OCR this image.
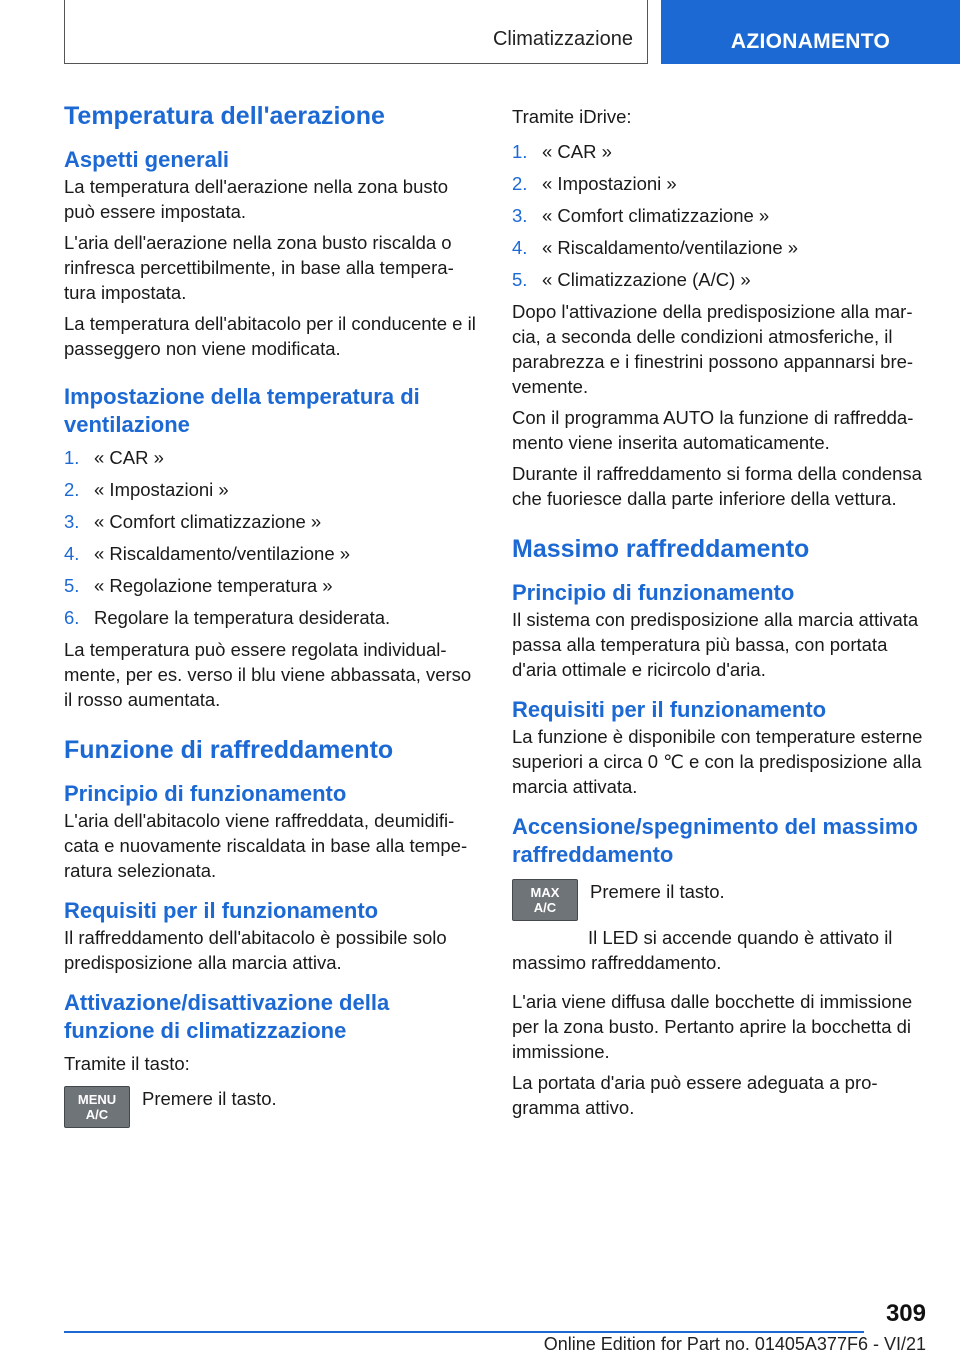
Climatizzazione	AZIONAMENTO
Temperatura dell'aerazione
Aspetti generali

La temperatura dell'aerazione nella zona busto può essere impostata.

L'aria dell'aerazione nella zona busto riscalda o rinfresca percettibilmente, in base alla temperatura impostata.

La temperatura dell'abitacolo per il conducente e il passeggero non viene modificata.

Impostazione della temperatura di ventilazione
1. « CAR »
2. « Impostazioni »
3. « Comfort climatizzazione »
4. « Riscaldamento/ventilazione »
5. « Regolazione temperatura »
6. Regolare la temperatura desiderata.

La temperatura può essere regolata individualmente, per es. verso il blu viene abbassata, verso il rosso aumentata.

Funzione di raffreddamento
Principio di funzionamento

L'aria dell'abitacolo viene raffreddata, deumidificata e nuovamente riscaldata in base alla temperatura selezionata.

Requisiti per il funzionamento

Il raffreddamento dell'abitacolo è possibile solo predisposizione alla marcia attiva.

Attivazione/disattivazione della funzione di climatizzazione

Tramite il tasto:

MENU
A/C

Premere il tasto.

Tramite iDrive:

1. « CAR »
2. « Impostazioni »
3. « Comfort climatizzazione »
4. « Riscaldamento/ventilazione »
5. « Climatizzazione (A/C) »

Dopo l'attivazione della predisposizione alla marcia, a seconda delle condizioni atmosferiche, il parabrezza e i finestrini possono appannarsi brevemente.

Con il programma AUTO la funzione di raffreddamento viene inserita automaticamente.

Durante il raffreddamento si forma della condensa che fuoriesce dalla parte inferiore della vettura.

Massimo raffreddamento
Principio di funzionamento

Il sistema con predisposizione alla marcia attivata passa alla temperatura più bassa, con portata d'aria ottimale e ricircolo d'aria.

Requisiti per il funzionamento

La funzione è disponibile con temperature esterne superiori a circa 0 ℃ e con la predisposizione alla marcia attivata.

Accensione/spegnimento del massimo raffreddamento
MAX
A/C

Premere il tasto.

Il LED si accende quando è attivato il massimo raffreddamento.

L'aria viene diffusa dalle bocchette di immissione per la zona busto. Pertanto aprire la bocchetta di immissione.

La portata d'aria può essere adeguata a programma attivo.

309
Online Edition for Part no. 01405A377F6 - VI/21
